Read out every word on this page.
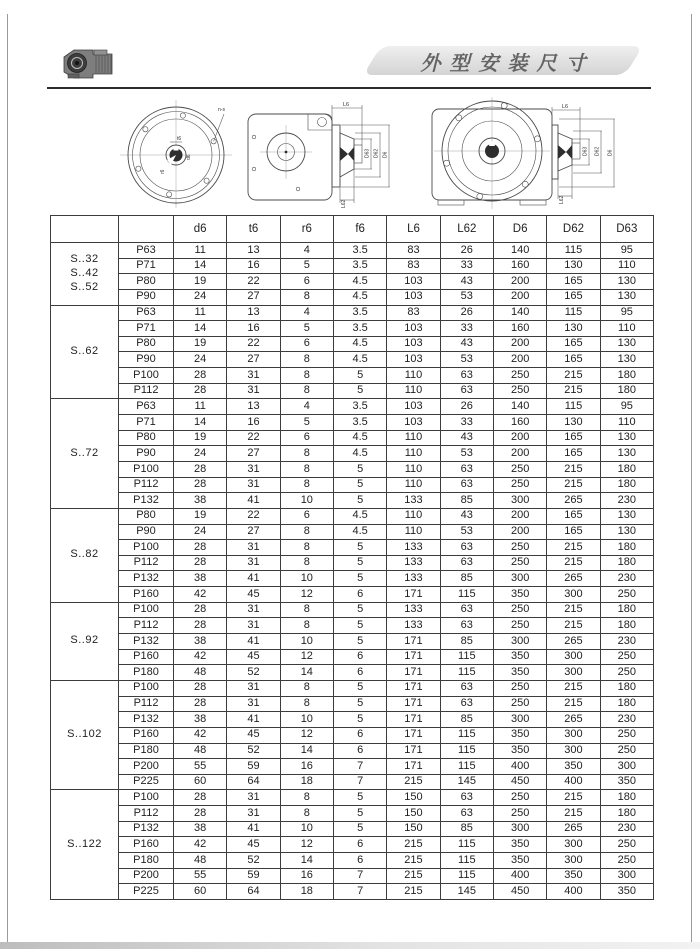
外型安装尺寸
n-s
t6
d6
r6
L6
D63 D62 D6
L62
L6
D63 D62 D6
L62
		d6	t6	r6	f6	L6	L62	D6	D62	D63

S..32
S..42
S..52	P63	11	13	4	3.5	83	26	140	115	95
	P71	14	16	5	3.5	83	33	160	130	110
	P80	19	22	6	4.5	103	43	200	165	130
	P90	24	27	8	4.5	103	53	200	165	130

S..62	P63	11	13	4	3.5	83	26	140	115	95
	P71	14	16	5	3.5	103	33	160	130	110
	P80	19	22	6	4.5	103	43	200	165	130
	P90	24	27	8	4.5	103	53	200	165	130
	P100	28	31	8	5	110	63	250	215	180
	P112	28	31	8	5	110	63	250	215	180

S..72	P63	11	13	4	3.5	103	26	140	115	95
	P71	14	16	5	3.5	103	33	160	130	110
	P80	19	22	6	4.5	110	43	200	165	130
	P90	24	27	8	4.5	110	53	200	165	130
	P100	28	31	8	5	110	63	250	215	180
	P112	28	31	8	5	110	63	250	215	180
	P132	38	41	10	5	133	85	300	265	230

S..82	P80	19	22	6	4.5	110	43	200	165	130
	P90	24	27	8	4.5	110	53	200	165	130
	P100	28	31	8	5	133	63	250	215	180
	P112	28	31	8	5	133	63	250	215	180
	P132	38	41	10	5	133	85	300	265	230
	P160	42	45	12	6	171	115	350	300	250

S..92	P100	28	31	8	5	133	63	250	215	180
	P112	28	31	8	5	133	63	250	215	180
	P132	38	41	10	5	171	85	300	265	230
	P160	42	45	12	6	171	115	350	300	250
	P180	48	52	14	6	171	115	350	300	250

S..102	P100	28	31	8	5	171	63	250	215	180
	P112	28	31	8	5	171	63	250	215	180
	P132	38	41	10	5	171	85	300	265	230
	P160	42	45	12	6	171	115	350	300	250
	P180	48	52	14	6	171	115	350	300	250
	P200	55	59	16	7	171	115	400	350	300
	P225	60	64	18	7	215	145	450	400	350

S..122	P100	28	31	8	5	150	63	250	215	180
	P112	28	31	8	5	150	63	250	215	180
	P132	38	41	10	5	150	85	300	265	230
	P160	42	45	12	6	215	115	350	300	250
	P180	48	52	14	6	215	115	350	300	250
	P200	55	59	16	7	215	115	400	350	300
	P225	60	64	18	7	215	145	450	400	350
